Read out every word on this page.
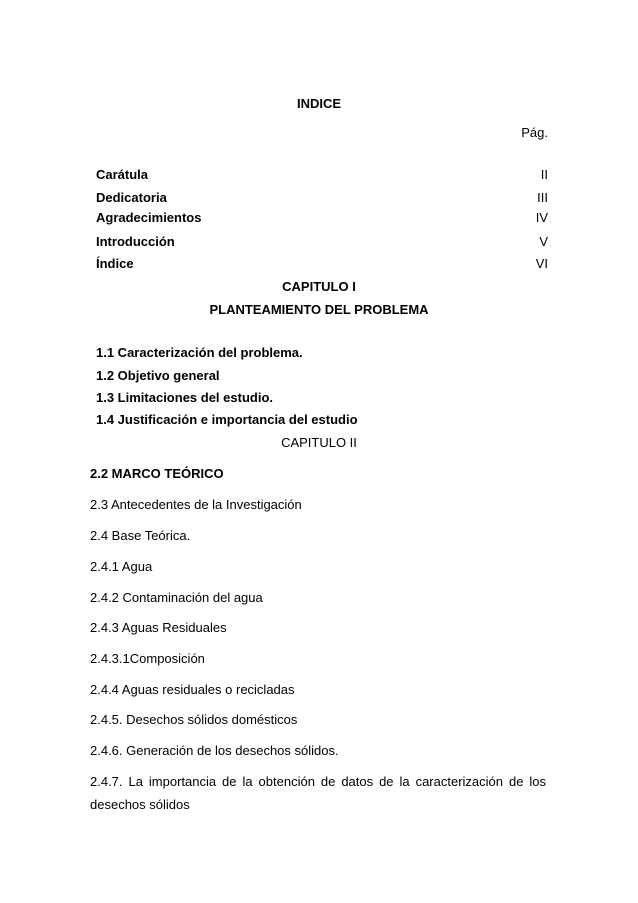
INDICE
Pág.
Carátula	II
Dedicatoria	III
Agradecimientos	IV
Introducción	V
Índice	VI
CAPITULO I
PLANTEAMIENTO DEL PROBLEMA
1.1 Caracterización del problema.
1.2 Objetivo general
1.3 Limitaciones del estudio.
1.4 Justificación e importancia del estudio
CAPITULO II
2.2 MARCO TEÓRICO
2.3 Antecedentes de la Investigación
2.4 Base Teórica.
2.4.1 Agua
2.4.2 Contaminación del agua
2.4.3 Aguas Residuales
2.4.3.1Composición
2.4.4 Aguas residuales o recicladas
2.4.5. Desechos sólidos domésticos
2.4.6. Generación de los desechos sólidos.
2.4.7. La importancia de la obtención de datos de la caracterización de los
desechos sólidos
